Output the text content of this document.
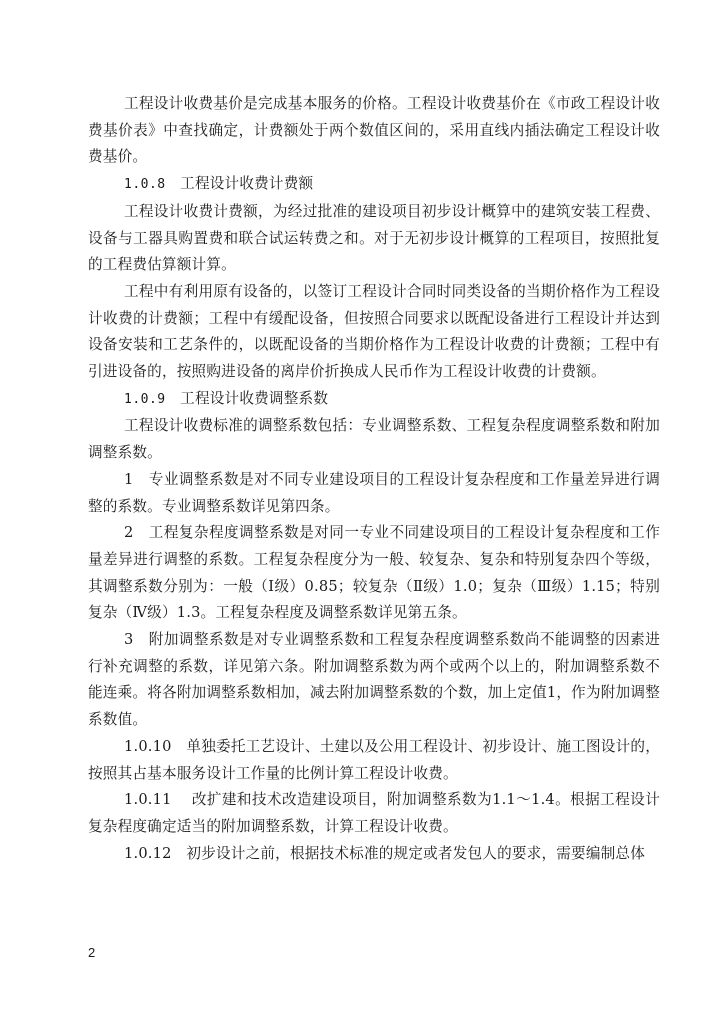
工程设计收费基价是完成基本服务的价格。工程设计收费基价在《市政工程设计收费基价表》中查找确定，计费额处于两个数值区间的，采用直线内插法确定工程设计收费基价。

1.0.8 工程设计收费计费额

工程设计收费计费额，为经过批准的建设项目初步设计概算中的建筑安装工程费、设备与工器具购置费和联合试运转费之和。对于无初步设计概算的工程项目，按照批复的工程费估算额计算。

工程中有利用原有设备的，以签订工程设计合同时同类设备的当期价格作为工程设计收费的计费额；工程中有缓配设备，但按照合同要求以既配设备进行工程设计并达到设备安装和工艺条件的，以既配设备的当期价格作为工程设计收费的计费额；工程中有引进设备的，按照购进设备的离岸价折换成人民币作为工程设计收费的计费额。

1.0.9 工程设计收费调整系数

工程设计收费标准的调整系数包括：专业调整系数、工程复杂程度调整系数和附加调整系数。

1　专业调整系数是对不同专业建设项目的工程设计复杂程度和工作量差异进行调整的系数。专业调整系数详见第四条。

2　工程复杂程度调整系数是对同一专业不同建设项目的工程设计复杂程度和工作量差异进行调整的系数。工程复杂程度分为一般、较复杂、复杂和特别复杂四个等级，其调整系数分别为：一般（Ⅰ级）0.85；较复杂（Ⅱ级）1.0；复杂（Ⅲ级）1.15；特别复杂（Ⅳ级）1.3。工程复杂程度及调整系数详见第五条。

3　附加调整系数是对专业调整系数和工程复杂程度调整系数尚不能调整的因素进行补充调整的系数，详见第六条。附加调整系数为两个或两个以上的，附加调整系数不能连乘。将各附加调整系数相加，减去附加调整系数的个数，加上定值1，作为附加调整系数值。

1.0.10　单独委托工艺设计、土建以及公用工程设计、初步设计、施工图设计的，按照其占基本服务设计工作量的比例计算工程设计收费。

1.0.11　 改扩建和技术改造建设项目，附加调整系数为1.1～1.4。根据工程设计复杂程度确定适当的附加调整系数，计算工程设计收费。

1.0.12　初步设计之前，根据技术标准的规定或者发包人的要求，需要编制总体

2
